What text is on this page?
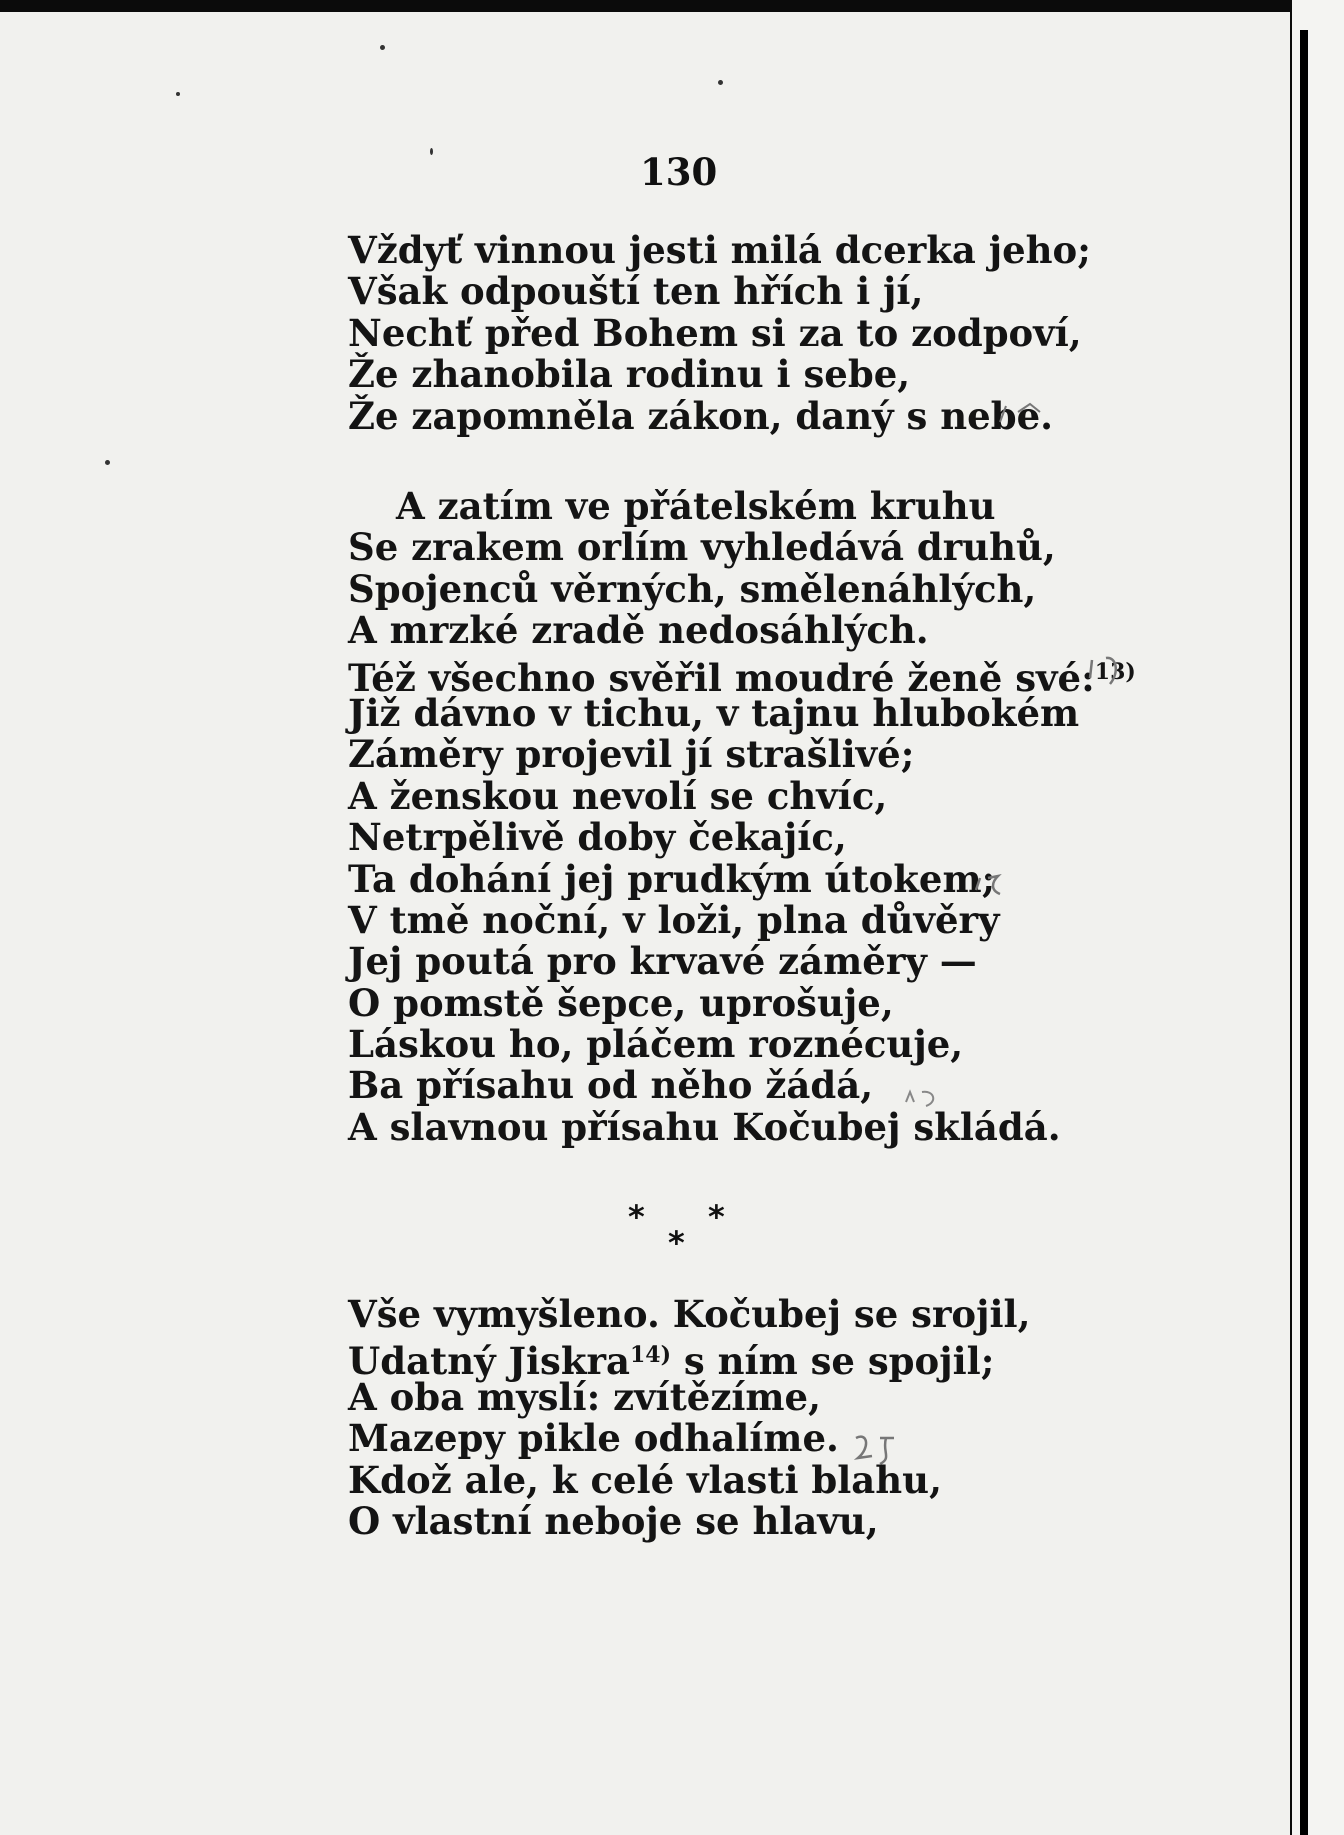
130
Vždyť vinnou jesti milá dcerka jeho;
Však odpouští ten hřích i jí,
Nechť před Bohem si za to zodpoví,
Že zhanobila rodinu i sebe,
Že zapomněla zákon, daný s nebe.
A zatím ve přátelském kruhu
Se zrakem orlím vyhledává druhů,
Spojenců věrných, smělenáhlých,
A mrzké zradě nedosáhlých.
Též všechno svěřil moudré ženě své:$^{13)}$
Již dávno v tichu, v tajnu hlubokém
Záměry projevil jí strašlivé;
A ženskou nevolí se chvíc,
Netrpělivě doby čekajíc,
Ta dohání jej prudkým útokem;
V tmě noční, v loži, plna důvěry
Jej poutá pro krvavé záměry —
O pomstě šepce, uprošuje,
Láskou ho, pláčem roznécuje,
Ba přísahu od něho žádá,
A slavnou přísahu Kočubej skládá.
* *
*
Vše vymyšleno. Kočubej se srojil,
Udatný Jiskra$^{14)}$ s ním se spojil;
A oba myslí: zvítězíme,
Mazepy pikle odhalíme.
Kdož ale, k celé vlasti blahu,
O vlastní neboje se hlavu,
